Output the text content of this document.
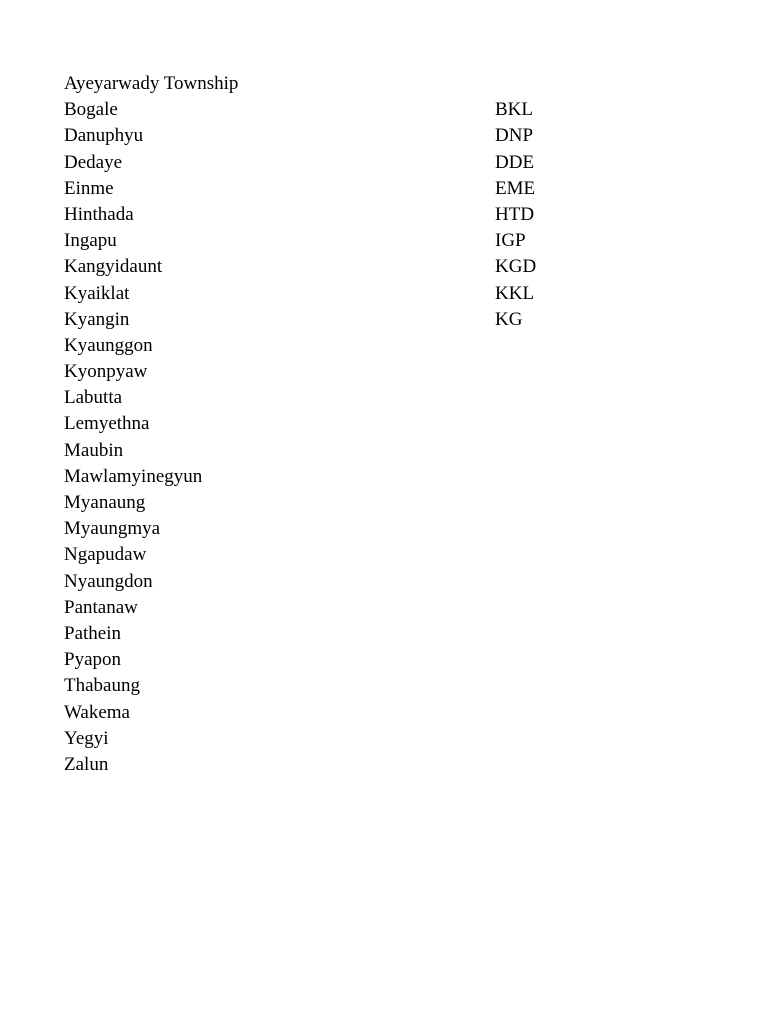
Ayeyarwady Township
Bogale	BKL
Danuphyu	DNP
Dedaye	DDE
Einme	EME
Hinthada	HTD
Ingapu	IGP
Kangyidaunt	KGD
Kyaiklat	KKL
Kyangin	KG
Kyaunggon
Kyonpyaw
Labutta
Lemyethna
Maubin
Mawlamyinegyun
Myanaung
Myaungmya
Ngapudaw
Nyaungdon
Pantanaw
Pathein
Pyapon
Thabaung
Wakema
Yegyi
Zalun
